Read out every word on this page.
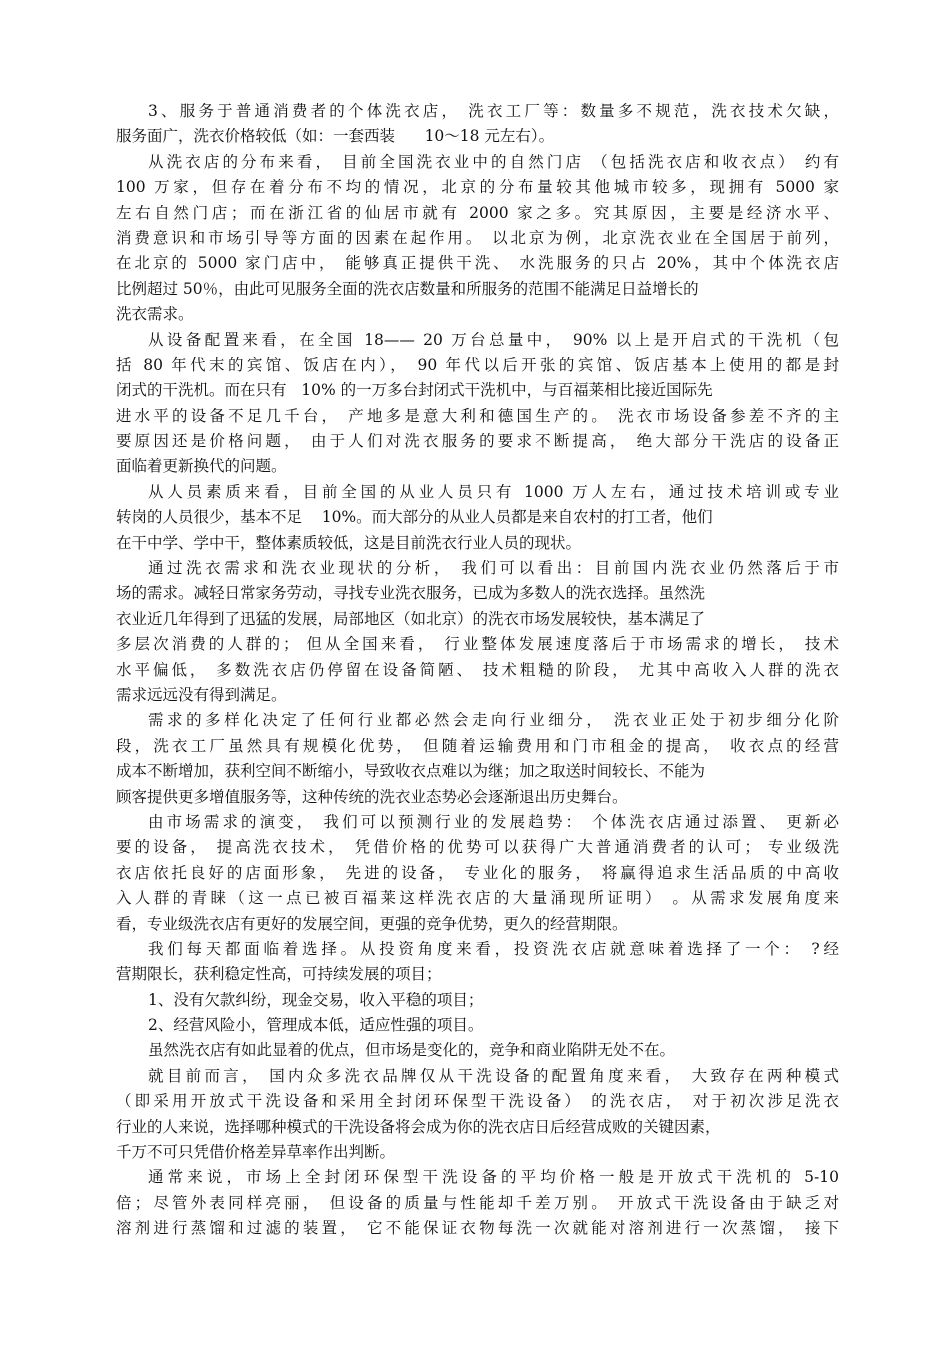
3、服务于普通消费者的个体洗衣店， 洗衣工厂等：数量多不规范，洗衣技术欠缺，
服务面广，洗衣价格较低（如：一套西装      10～18 元左右）。
从洗衣店的分布来看， 目前全国洗衣业中的自然门店 （包括洗衣店和收衣点） 约有
100 万家，但存在着分布不均的情况，北京的分布量较其他城市较多，现拥有 5000 家
左右自然门店；而在浙江省的仙居市就有 2000 家之多。究其原因，主要是经济水平、
消费意识和市场引导等方面的因素在起作用。 以北京为例，北京洗衣业在全国居于前列，
在北京的 5000 家门店中， 能够真正提供干洗、 水洗服务的只占 20%，其中个体洗衣店
比例超过 50％，由此可见服务全面的洗衣店数量和所服务的范围不能满足日益增长的
洗衣需求。
从设备配置来看，在全国 18—— 20 万台总量中， 90% 以上是开启式的干洗机（包
括 80 年代末的宾馆、饭店在内）， 90 年代以后开张的宾馆、饭店基本上使用的都是封
闭式的干洗机。而在只有   10% 的一万多台封闭式干洗机中，与百福莱相比接近国际先
进水平的设备不足几千台， 产地多是意大利和德国生产的。 洗衣市场设备参差不齐的主
要原因还是价格问题， 由于人们对洗衣服务的要求不断提高， 绝大部分干洗店的设备正
面临着更新换代的问题。
从人员素质来看，目前全国的从业人员只有 1000 万人左右，通过技术培训或专业
转岗的人员很少，基本不足    10%。而大部分的从业人员都是来自农村的打工者，他们
在干中学、学中干，整体素质较低，这是目前洗衣行业人员的现状。
通过洗衣需求和洗衣业现状的分析， 我们可以看出：目前国内洗衣业仍然落后于市
场的需求。减轻日常家务劳动，寻找专业洗衣服务，已成为多数人的洗衣选择。虽然洗
衣业近几年得到了迅猛的发展，局部地区（如北京）的洗衣市场发展较快，基本满足了
多层次消费的人群的； 但从全国来看， 行业整体发展速度落后于市场需求的增长， 技术
水平偏低， 多数洗衣店仍停留在设备简陋、 技术粗糙的阶段， 尤其中高收入人群的洗衣
需求远远没有得到满足。
需求的多样化决定了任何行业都必然会走向行业细分， 洗衣业正处于初步细分化阶
段，洗衣工厂虽然具有规模化优势， 但随着运输费用和门市租金的提高， 收衣点的经营
成本不断增加，获利空间不断缩小，导致收衣点难以为继；加之取送时间较长、不能为
顾客提供更多增值服务等，这种传统的洗衣业态势必会逐渐退出历史舞台。
由市场需求的演变， 我们可以预测行业的发展趋势： 个体洗衣店通过添置、 更新必
要的设备， 提高洗衣技术， 凭借价格的优势可以获得广大普通消费者的认可； 专业级洗
衣店依托良好的店面形象， 先进的设备， 专业化的服务， 将赢得追求生活品质的中高收
入人群的青睐（这一点已被百福莱这样洗衣店的大量涌现所证明） 。从需求发展角度来
看，专业级洗衣店有更好的发展空间，更强的竞争优势，更久的经营期限。
我们每天都面临着选择。从投资角度来看，投资洗衣店就意味着选择了一个： ?经
营期限长，获利稳定性高，可持续发展的项目；
1、没有欠款纠纷，现金交易，收入平稳的项目；
2、经营风险小，管理成本低，适应性强的项目。
虽然洗衣店有如此显着的优点，但市场是变化的，竞争和商业陷阱无处不在。
就目前而言， 国内众多洗衣品牌仅从干洗设备的配置角度来看， 大致存在两种模式
（即采用开放式干洗设备和采用全封闭环保型干洗设备） 的洗衣店， 对于初次涉足洗衣
行业的人来说，选择哪种模式的干洗设备将会成为你的洗衣店日后经营成败的关键因素，
千万不可只凭借价格差异草率作出判断。
通常来说，市场上全封闭环保型干洗设备的平均价格一般是开放式干洗机的 5-10
倍；尽管外表同样亮丽， 但设备的质量与性能却千差万别。 开放式干洗设备由于缺乏对
溶剂进行蒸馏和过滤的装置， 它不能保证衣物每洗一次就能对溶剂进行一次蒸馏， 接下
